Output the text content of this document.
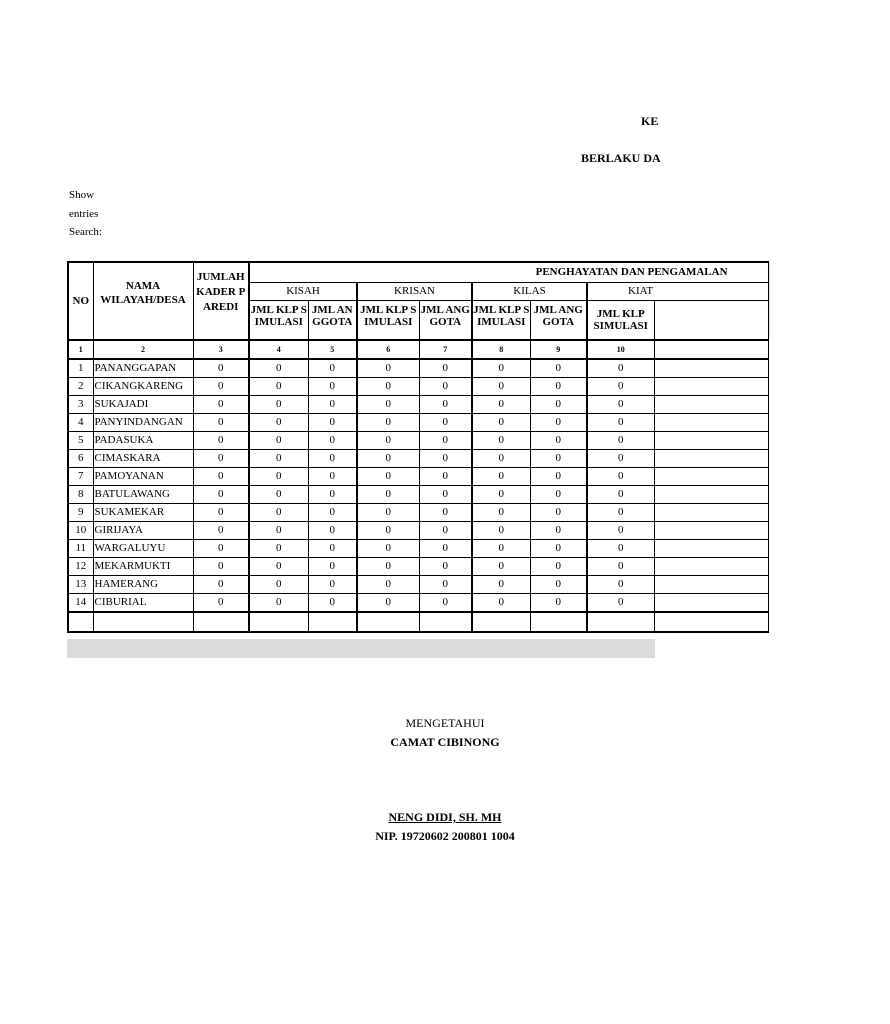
KE
BERLAKU DA
Show
entries
Search:
NO	NAMA WILAYAH/DESA	JUMLAH KADER PAREDI	PENGHAYATAN DAN PENGAMALAN							
			KISAH		KRISAN		KILAS		KIAT	

			JML KLP SIMULASI	JML ANGGOTA	JML KLP SIMULASI	JML ANGGOTA	JML KLP SIMULASI	JML ANGGOTA	JML KLP SIMULASI	
1	2	3	4	5	6	7	8	9	10	
1	PANANGGAPAN	0	0	0	0	0	0	0	0	
2	CIKANGKARENG	0	0	0	0	0	0	0	0	
3	SUKAJADI	0	0	0	0	0	0	0	0	
4	PANYINDANGAN	0	0	0	0	0	0	0	0	
5	PADASUKA	0	0	0	0	0	0	0	0	
6	CIMASKARA	0	0	0	0	0	0	0	0	
7	PAMOYANAN	0	0	0	0	0	0	0	0	
8	BATULAWANG	0	0	0	0	0	0	0	0	
9	SUKAMEKAR	0	0	0	0	0	0	0	0	
10	GIRIJAYA	0	0	0	0	0	0	0	0	
11	WARGALUYU	0	0	0	0	0	0	0	0	
12	MEKARMUKTI	0	0	0	0	0	0	0	0	
13	HAMERANG	0	0	0	0	0	0	0	0	
14	CIBURIAL	0	0	0	0	0	0	0	0	

MENGETAHUI
CAMAT CIBINONG
NENG DIDI, SH. MH
NIP. 19720602 200801 1004
